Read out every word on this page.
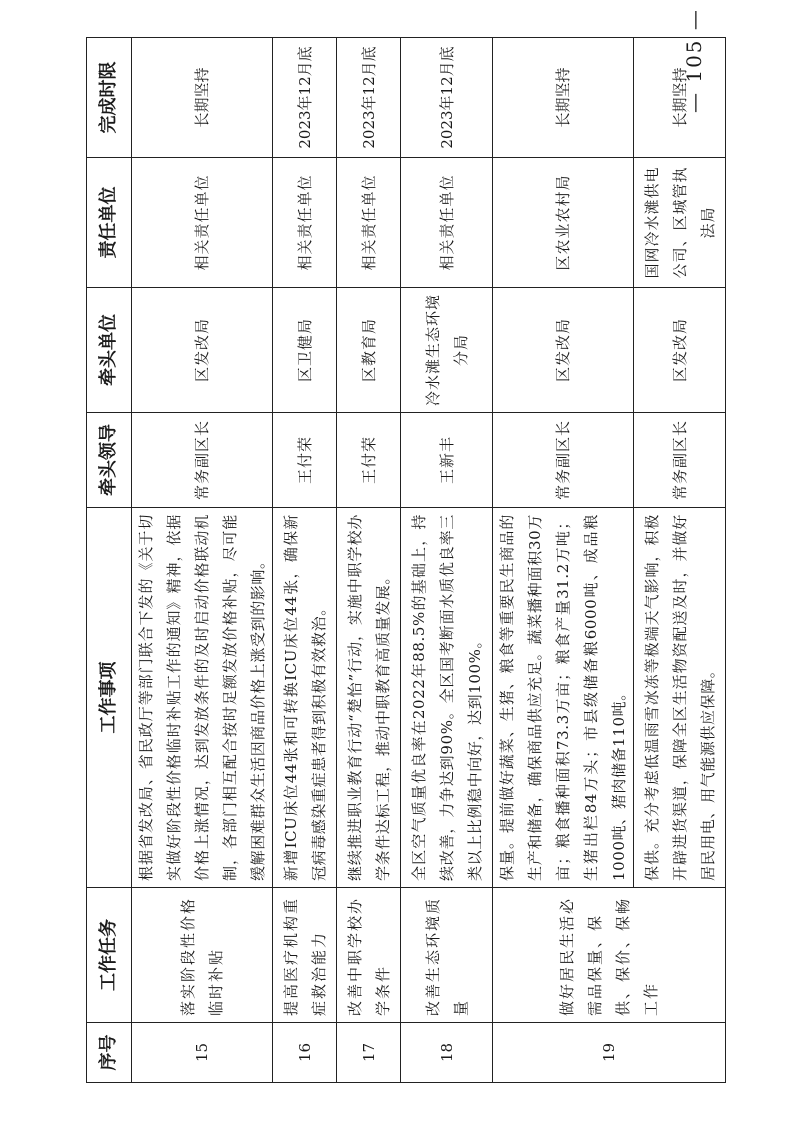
序号	工作任务	工作事项	牵头领导	牵头单位	责任单位	完成时限
15	落实阶段性价格临时补贴	根据省发改局、省民政厅等部门联合下发的《关于切实做好阶段性价格临时补贴工作的通知》精神，依据价格上涨情况，达到发放条件的及时启动价格联动机制，各部门相互配合按时足额发放价格补贴，尽可能缓解困难群众生活因商品价格上涨受到的影响。	常务副区长	区发改局	相关责任单位	长期坚持
16	提高医疗机构重症救治能力	新增ICU床位44张和可转换ICU床位44张，确保新冠病毒感染重症患者得到积极有效救治。	王付荣	区卫健局	相关责任单位	2023年12月底
17	改善中职学校办学条件	继续推进职业教育行动“楚怡”行动，实施中职学校办学条件达标工程，推动中职教育高质量发展。	王付荣	区教育局	相关责任单位	2023年12月底
18	改善生态环境质量	全区空气质量优良率在2022年88.5%的基础上，持续改善，力争达到90%。全区国考断面水质优良率三类以上比例稳中向好，达到100%。	王新丰	冷水滩生态环境分局	相关责任单位	2023年12月底
19	做好居民生活必需品保量、保供、保价、保畅工作	保量。提前做好蔬菜、生猪、粮食等重要民生商品的生产和储备，确保商品供应充足。蔬菜播种面积30万亩；粮食播种面积73.3万亩；粮食产量31.2万吨；生猪出栏84万头；市县级储备粮6000吨、成品粮1000吨、猪肉储备110吨。	常务副区长	区发改局	区农业农村局	长期坚持
		保供。充分考虑低温雨雪冰冻等极端天气影响，积极开辟进货渠道，保障全区生活物资配送及时，并做好居民用电、用气能源供应保障。	常务副区长	区发改局	国网冷水滩供电公司、区城管执法局	长期坚持
— 105 —
